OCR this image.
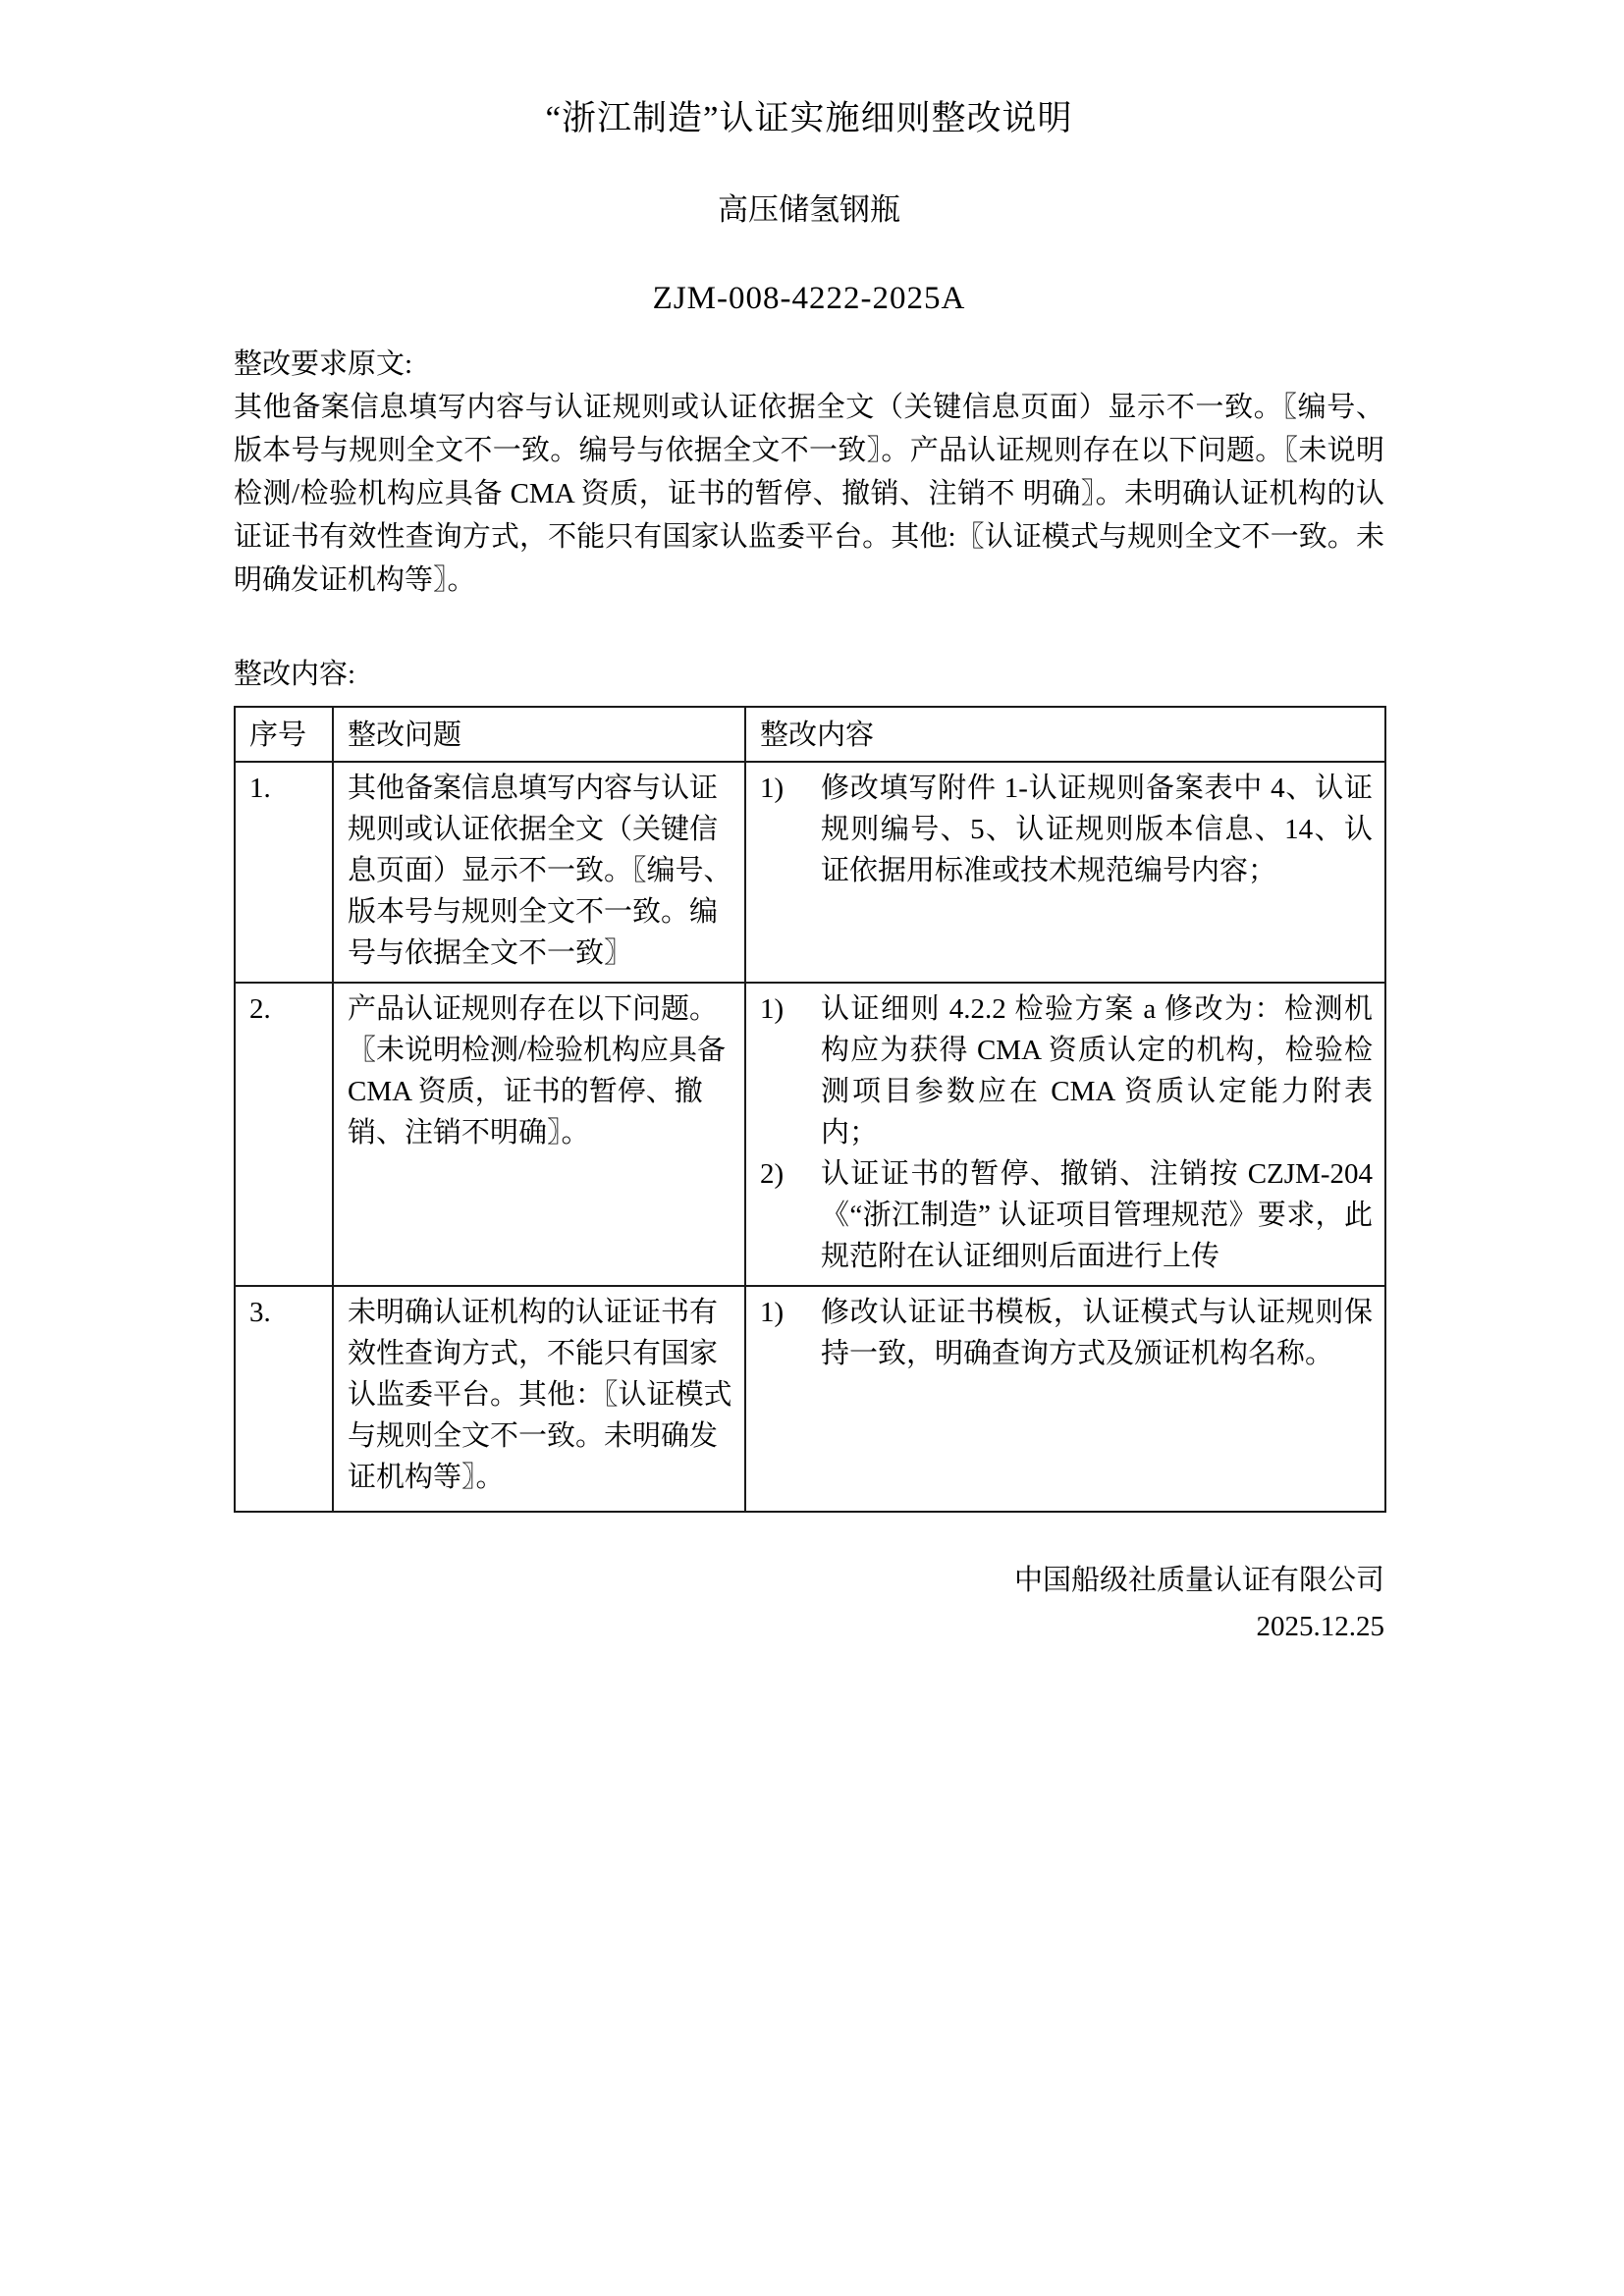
“浙江制造”认证实施细则整改说明
高压储氢钢瓶
ZJM-008-4222-2025A
整改要求原文:

其他备案信息填写内容与认证规则或认证依据全文（关键信息页面）显示不一致。〖编号、版本号与规则全文不一致。编号与依据全文不一致〗。产品认证规则存在以下问题。〖未说明检测/检验机构应具备 CMA 资质，证书的暂停、撤销、注销不 明确〗。未明确认证机构的认证证书有效性查询方式，不能只有国家认监委平台。其他:〖认证模式与规则全文不一致。未明确发证机构等〗。

整改内容:
序号	整改问题	整改内容
1.	其他备案信息填写内容与认证规则或认证依据全文（关键信息页面）显示不一致。〖编号、版本号与规则全文不一致。编号与依据全文不一致〗	1) 修改填写附件 1-认证规则备案表中 4、认证规则编号、5、认证规则版本信息、14、认证依据用标准或技术规范编号内容；

2.	产品认证规则存在以下问题。〖未说明检测/检验机构应具备 CMA 资质，证书的暂停、撤销、注销不明确〗。	1) 认证细则 4.2.2 检验方案 a 修改为：检测机构应为获得 CMA 资质认定的机构，检验检测项目参数应在 CMA 资质认定能力附表内；
2) 认证证书的暂停、撤销、注销按 CZJM-204《“浙江制造” 认证项目管理规范》要求，此规范附在认证细则后面进行上传

3.	未明确认证机构的认证证书有效性查询方式，不能只有国家认监委平台。其他：〖认证模式与规则全文不一致。未明确发证机构等〗。	1) 修改认证证书模板，认证模式与认证规则保持一致，明确查询方式及颁证机构名称。
中国船级社质量认证有限公司
2025.12.25
